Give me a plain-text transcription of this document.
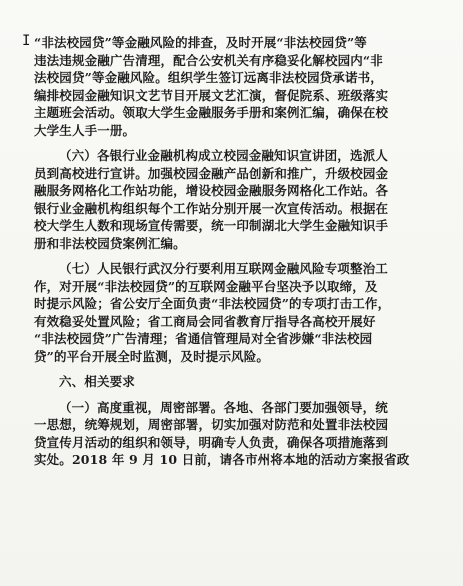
I “非法校园贷”等金融风险的排查，及时开展“非法校园贷”等
违法违规金融广告清理，配合公安机关有序稳妥化解校园内“非
法校园贷”等金融风险。组织学生签订远离非法校园贷承诺书，
编排校园金融知识文艺节目开展文艺汇演，督促院系、班级落实
主题班会活动。领取大学生金融服务手册和案例汇编，确保在校
大学生人手一册。
（六）各银行业金融机构成立校园金融知识宣讲团，选派人
员到高校进行宣讲。加强校园金融产品创新和推广，升级校园金
融服务网格化工作站功能，增设校园金融服务网格化工作站。各
银行业金融机构组织每个工作站分别开展一次宣传活动。根据在
校大学生人数和现场宣传需要，统一印制湖北大学生金融知识手
册和非法校园贷案例汇编。
（七）人民银行武汉分行要利用互联网金融风险专项整治工
作，对开展“非法校园贷”的互联网金融平台坚决予以取缔，及
时提示风险；省公安厅全面负责“非法校园贷”的专项打击工作，
有效稳妥处置风险；省工商局会同省教育厅指导各高校开展好
“非法校园贷”广告清理；省通信管理局对全省涉嫌“非法校园
贷”的平台开展全时监测，及时提示风险。
六、相关要求
（一）高度重视，周密部署。各地、各部门要加强领导，统
一思想，统筹规划，周密部署，切实加强对防范和处置非法校园
贷宣传月活动的组织和领导，明确专人负责，确保各项措施落到
实处。2018 年 9 月 10 日前，请各市州将本地的活动方案报省政
